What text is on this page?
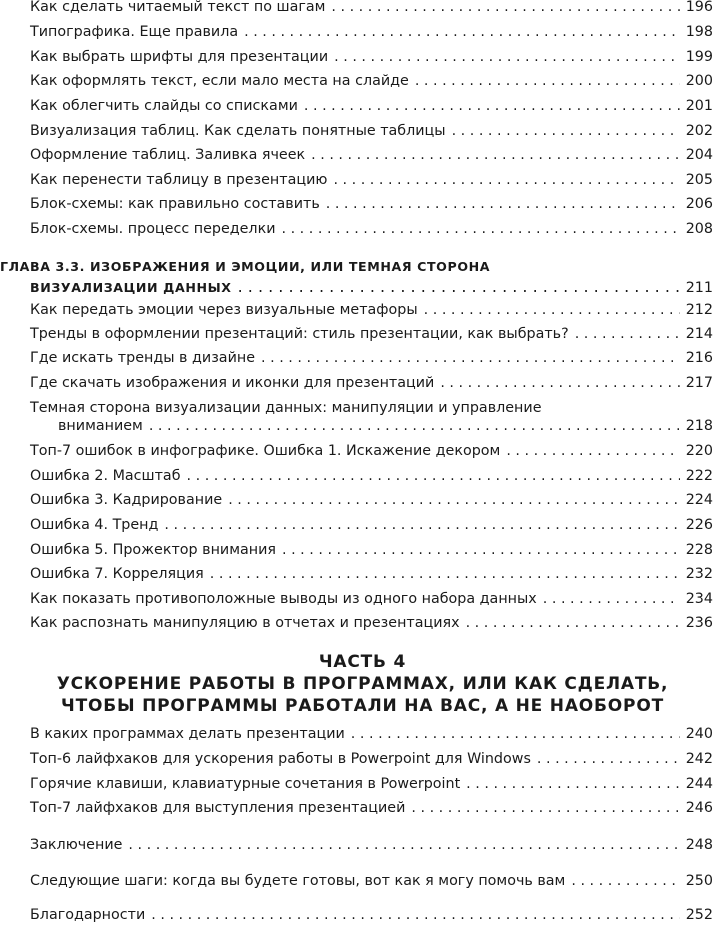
Как сделать читаемый текст по шагам . . .	196
Типографика. Еще правила . . .	198
Как выбрать шрифты для презентации . . .	199
Как оформлять текст, если мало места на слайде . . .	200
Как облегчить слайды со списками . . .	201
Визуализация таблиц. Как сделать понятные таблицы . . .	202
Оформление таблиц. Заливка ячеек . . .	204
Как перенести таблицу в презентацию . . .	205
Блок-схемы: как правильно составить . . .	206
Блок-схемы. процесс переделки . . .	208
ГЛАВА 3.3. ИЗОБРАЖЕНИЯ И ЭМОЦИИ, ИЛИ ТЕМНАЯ СТОРОНА
ВИЗУАЛИЗАЦИИ ДАННЫХ . . .	211
Как передать эмоции через визуальные метафоры . . .	212
Тренды в оформлении презентаций: стиль презентации, как выбрать? . . .	214
Где искать тренды в дизайне . . .	216
Где скачать изображения и иконки для презентаций . . .	217
Темная сторона визуализации данных: манипуляции и управление
вниманием . . .	218
Топ-7 ошибок в инфографике. Ошибка 1. Искажение декором . . .	220
Ошибка 2. Масштаб . . .	222
Ошибка 3. Кадрирование . . .	224
Ошибка 4. Тренд . . .	226
Ошибка 5. Прожектор внимания . . .	228
Ошибка 7. Корреляция . . .	232
Как показать противоположные выводы из одного набора данных . . .	234
Как распознать манипуляцию в отчетах и презентациях . . .	236
ЧАСТЬ 4
УСКОРЕНИЕ РАБОТЫ В ПРОГРАММАХ, ИЛИ КАК СДЕЛАТЬ,
ЧТОБЫ ПРОГРАММЫ РАБОТАЛИ НА ВАС, А НЕ НАОБОРОТ
В каких программах делать презентации . . .	240
Топ-6 лайфхаков для ускорения работы в Powerpoint для Windows . . .	242
Горячие клавиши, клавиатурные сочетания в Powerpoint . . .	244
Топ-7 лайфхаков для выступления презентацией . . .	246
Заключение . . .	248
Следующие шаги: когда вы будете готовы, вот как я могу помочь вам . . .	250
Благодарности . . .	252
